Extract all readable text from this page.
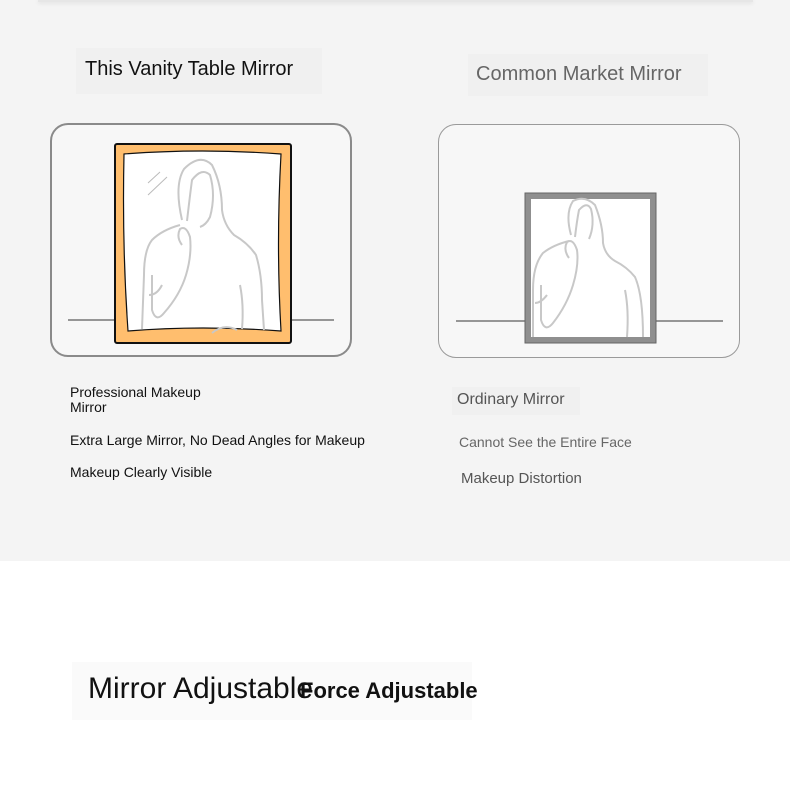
This Vanity Table Mirror	Common Market Mirror
Professional Makeup Mirror
Extra Large Mirror, No Dead Angles for Makeup
Makeup Clearly Visible
Ordinary Mirror
Cannot See the Entire Face
Makeup Distortion
Mirror Adjustable
Force Adjustable
